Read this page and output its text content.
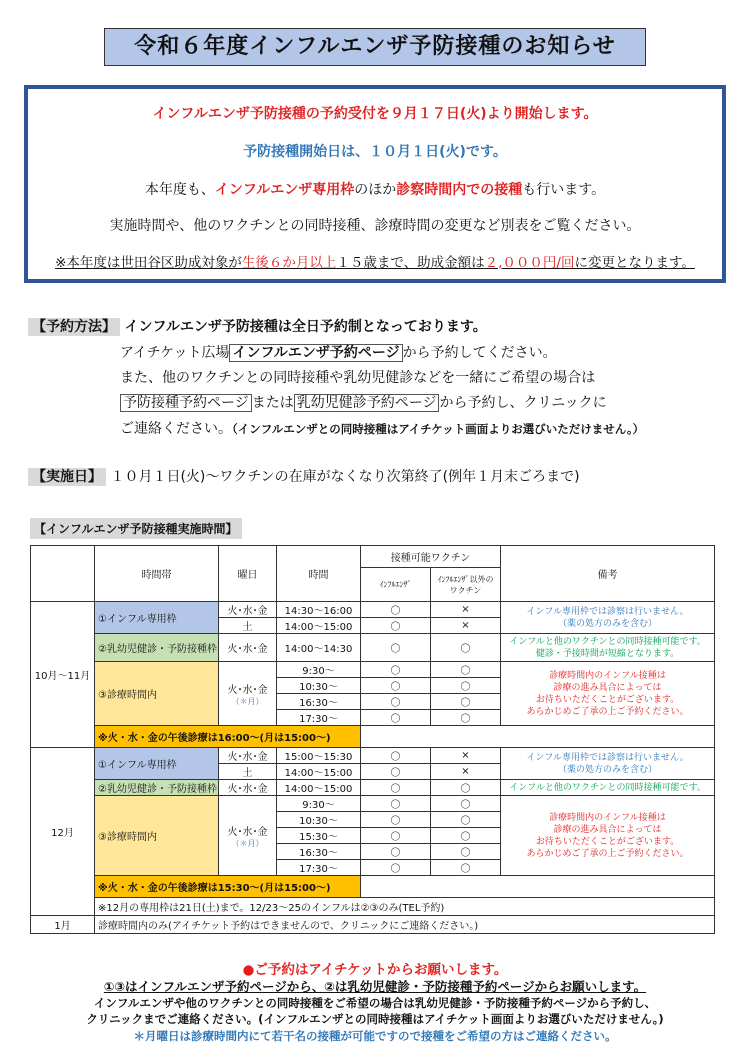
令和６年度インフルエンザ予防接種のお知らせ

インフルエンザ予防接種の予約受付を９月１７日(火)より開始します。

予防接種開始日は、１０月１日(火)です。

本年度も、インフルエンザ専用枠のほか診察時間内での接種も行います。

実施時間や、他のワクチンとの同時接種、診療時間の変更など別表をご覧ください。

※本年度は世田谷区助成対象が生後６か月以上１５歳まで、助成金額は２,０００円/回に変更となります。

【予約方法】 インフルエンザ予防接種は全日予約制となっております。
アイチケット広場 インフルエンザ予約ページ から予約してください。
また、他のワクチンとの同時接種や乳幼児健診などを一緒にご希望の場合は
予防接種予約ページ または 乳幼児健診予約ページ から予約し、クリニックに
ご連絡ください。（インフルエンザとの同時接種はアイチケット画面よりお選びいただけません。）
【実施日】 １０月１日(火)～ワクチンの在庫がなくなり次第終了(例年１月末ごろまで)
【インフルエンザ予防接種実施時間】
	時間帯	曜日	時間	接種可能ワクチン		備考
				ｲﾝﾌﾙｴﾝｻﾞ	ｲﾝﾌﾙｴﾝｻﾞ以外の
ワクチン	
10月～11月	①インフル専用枠	火･水･金	14:30～16:00	〇	×	インフル専用枠では診察は行いません。
（薬の処方のみを含む）
		土	14:00～15:00	〇	×	
	②乳幼児健診・予防接種枠	火･水･金	14:00～14:30	〇	〇	インフルと他のワクチンとの同時接種可能です。
健診・予接時間が短縮となります。
	③診療時間内	火･水･金
（＊月）	9:30～	〇	〇	診療時間内のインフル接種は
診療の進み具合によっては
お待ちいただくことがございます。
あらかじめご了承の上ご予約ください。
			10:30～	〇	〇	
			16:30～	〇	〇	
			17:30～	〇	〇	
	※火・水・金の午後診療は16:00～(月は15:00～)					
12月	①インフル専用枠	火･水･金	15:00～15:30	〇	×	インフル専用枠では診察は行いません。
（薬の処方のみを含む）
		土	14:00～15:00	〇	×	
	②乳幼児健診・予防接種枠	火･水･金	14:00～15:00	〇	〇	インフルと他のワクチンとの同時接種可能です。
	③診療時間内	火･水･金
（＊月）	9:30～	〇	〇	診療時間内のインフル接種は
診療の進み具合によっては
お待ちいただくことがございます。
あらかじめご了承の上ご予約ください。
			10:30～	〇	〇	
			15:30～	〇	〇	
			16:30～	〇	〇	
			17:30～	〇	〇	
	※火・水・金の午後診療は15:30～(月は15:00～)					
	※12月の専用枠は21日(土)まで。12/23～25のインフルは②③のみ(TEL予約)					
1月	診療時間内のみ(アイチケット予約はできませんので、クリニックにご連絡ください。)					
●ご予約はアイチケットからお願いします。
①③はインフルエンザ予約ページから、②は乳幼児健診・予防接種予約ページからお願いします。
インフルエンザや他のワクチンとの同時接種をご希望の場合は乳幼児健診・予防接種予約ページから予約し、
クリニックまでご連絡ください。(インフルエンザとの同時接種はアイチケット画面よりお選びいただけません。)
＊月曜日は診療時間内にて若干名の接種が可能ですので接種をご希望の方はご連絡ください。
